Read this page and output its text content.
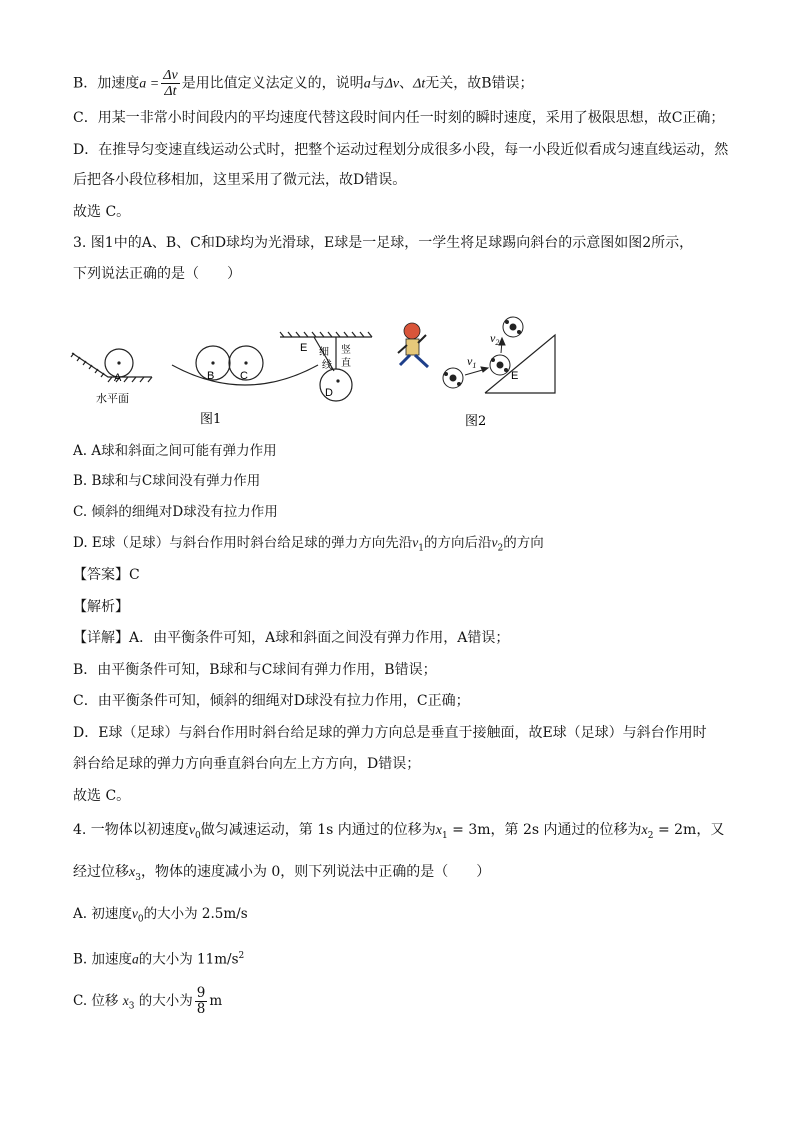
B．加速度$a = \frac{\Delta v}{\Delta t}$ 是用比值定义法定义的，说明a与Δv、Δt无关，故B错误；
C．用某一非常小时间段内的平均速度代替这段时间内任一时刻的瞬时速度，采用了极限思想，故C正确；
D．在推导匀变速直线运动公式时，把整个运动过程划分成很多小段，每一小段近似看成匀速直线运动，然
后把各小段位移相加，这里采用了微元法，故D错误。
故选 C。
3. 图1中的A、B、C和D球均为光滑球，E球是一足球，一学生将足球踢向斜台的示意图如图2所示，
下列说法正确的是（　　）
A
水平面
B C
D
E 细
线
竖
直
图1
$v_1$
$v_2$
E
图2
A. A球和斜面之间可能有弹力作用
B. B球和与C球间没有弹力作用
C. 倾斜的细绳对D球没有拉力作用
D. E球（足球）与斜台作用时斜台给足球的弹力方向先沿$v_1$的方向后沿$v_2$的方向
【答案】C
【解析】
【详解】A．由平衡条件可知，A球和斜面之间没有弹力作用，A错误；
B．由平衡条件可知，B球和与C球间有弹力作用，B错误；
C．由平衡条件可知，倾斜的细绳对D球没有拉力作用，C正确；
D．E球（足球）与斜台作用时斜台给足球的弹力方向总是垂直于接触面，故E球（足球）与斜台作用时
斜台给足球的弹力方向垂直斜台向左上方方向，D错误；
故选 C。
4. 一物体以初速度$v_0$做匀减速运动，第 1s 内通过的位移为$x_1 = 3m$，第 2s 内通过的位移为$x_2 = 2m$，又
经过位移$x_3$，物体的速度减小为 0，则下列说法中正确的是（　　）
A. 初速度$v_0$的大小为 2.5m/s
B. 加速度a的大小为 $11m/s^2$
C. 位移 $x_3$ 的大小为 $\frac{9}{8}$ m
